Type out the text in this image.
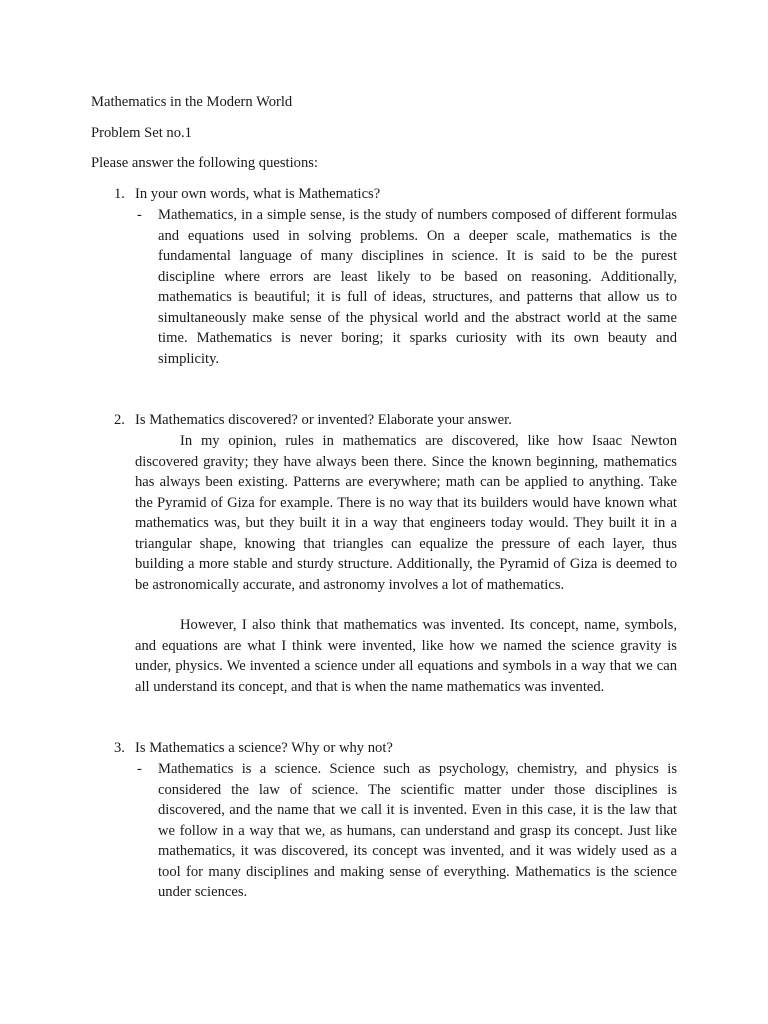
Mathematics in the Modern World
Problem Set no.1
Please answer the following questions:
1. In your own words, what is Mathematics?
- Mathematics, in a simple sense, is the study of numbers composed of different formulas and equations used in solving problems. On a deeper scale, mathematics is the fundamental language of many disciplines in science. It is said to be the purest discipline where errors are least likely to be based on reasoning. Additionally, mathematics is beautiful; it is full of ideas, structures, and patterns that allow us to simultaneously make sense of the physical world and the abstract world at the same time. Mathematics is never boring; it sparks curiosity with its own beauty and simplicity.
2. Is Mathematics discovered? or invented? Elaborate your answer.
In my opinion, rules in mathematics are discovered, like how Isaac Newton discovered gravity; they have always been there. Since the known beginning, mathematics has always been existing. Patterns are everywhere; math can be applied to anything. Take the Pyramid of Giza for example. There is no way that its builders would have known what mathematics was, but they built it in a way that engineers today would. They built it in a triangular shape, knowing that triangles can equalize the pressure of each layer, thus building a more stable and sturdy structure. Additionally, the Pyramid of Giza is deemed to be astronomically accurate, and astronomy involves a lot of mathematics.
However, I also think that mathematics was invented. Its concept, name, symbols, and equations are what I think were invented, like how we named the science gravity is under, physics. We invented a science under all equations and symbols in a way that we can all understand its concept, and that is when the name mathematics was invented.
3. Is Mathematics a science? Why or why not?
- Mathematics is a science. Science such as psychology, chemistry, and physics is considered the law of science. The scientific matter under those disciplines is discovered, and the name that we call it is invented. Even in this case, it is the law that we follow in a way that we, as humans, can understand and grasp its concept. Just like mathematics, it was discovered, its concept was invented, and it was widely used as a tool for many disciplines and making sense of everything. Mathematics is the science under sciences.
